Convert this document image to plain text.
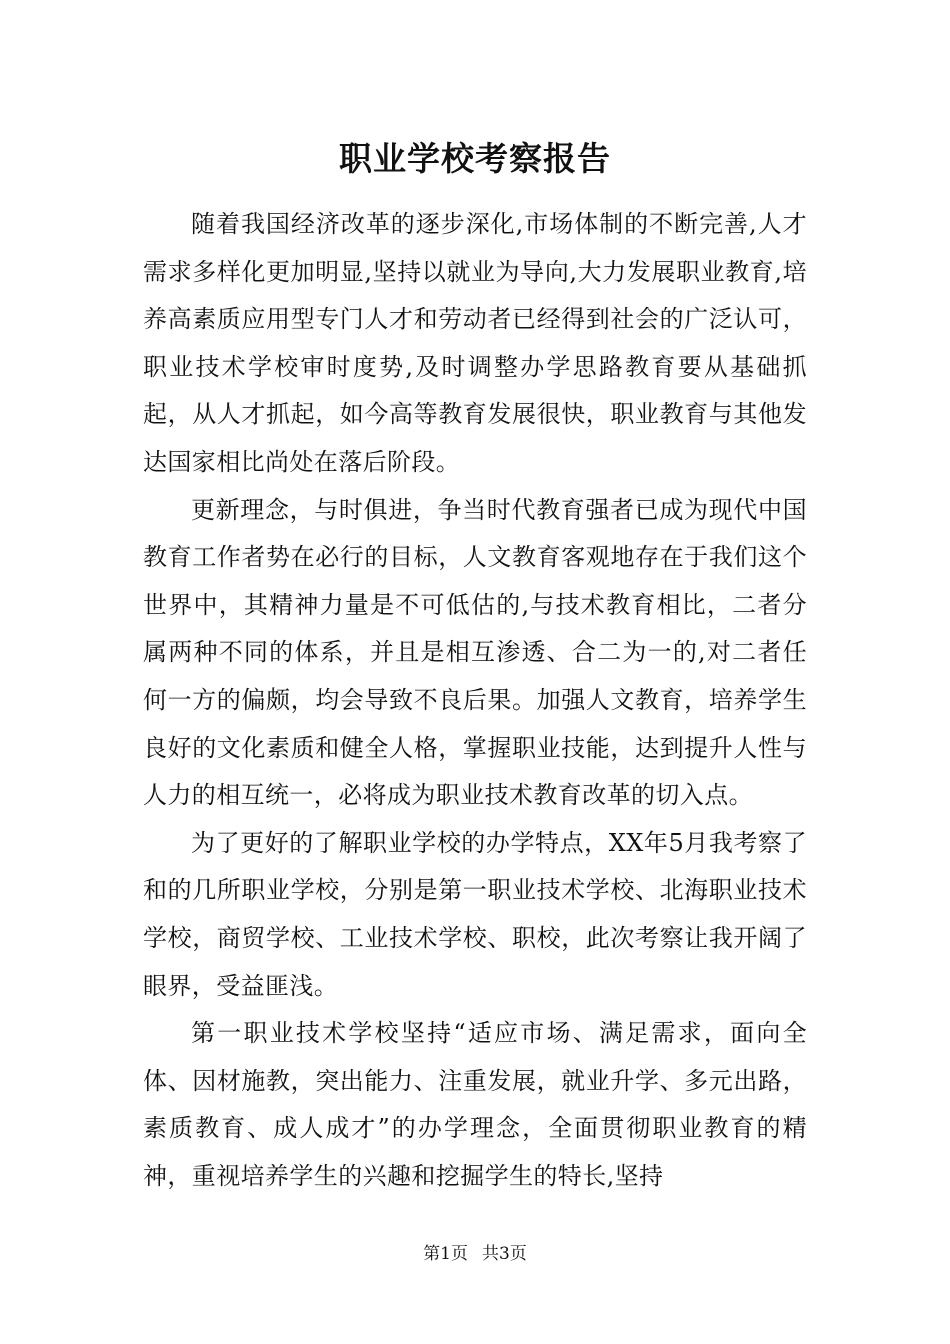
职业学校考察报告

随着我国经济改革的逐步深化,市场体制的不断完善,人才需求多样化更加明显,坚持以就业为导向,大力发展职业教育,培养高素质应用型专门人才和劳动者已经得到社会的广泛认可，职业技术学校审时度势,及时调整办学思路教育要从基础抓起，从人才抓起，如今高等教育发展很快，职业教育与其他发达国家相比尚处在落后阶段。

更新理念，与时俱进，争当时代教育强者已成为现代中国教育工作者势在必行的目标，人文教育客观地存在于我们这个世界中，其精神力量是不可低估的,与技术教育相比，二者分属两种不同的体系，并且是相互渗透、合二为一的,对二者任何一方的偏颇，均会导致不良后果。加强人文教育，培养学生良好的文化素质和健全人格，掌握职业技能，达到提升人性与人力的相互统一，必将成为职业技术教育改革的切入点。

为了更好的了解职业学校的办学特点，XX年5月我考察了和的几所职业学校，分别是第一职业技术学校、北海职业技术学校，商贸学校、工业技术学校、职校，此次考察让我开阔了眼界，受益匪浅。

第一职业技术学校坚持“适应市场、满足需求，面向全体、因材施教，突出能力、注重发展，就业升学、多元出路，素质教育、成人成才”的办学理念，全面贯彻职业教育的精神，重视培养学生的兴趣和挖掘学生的特长,坚持

第1页 共3页
